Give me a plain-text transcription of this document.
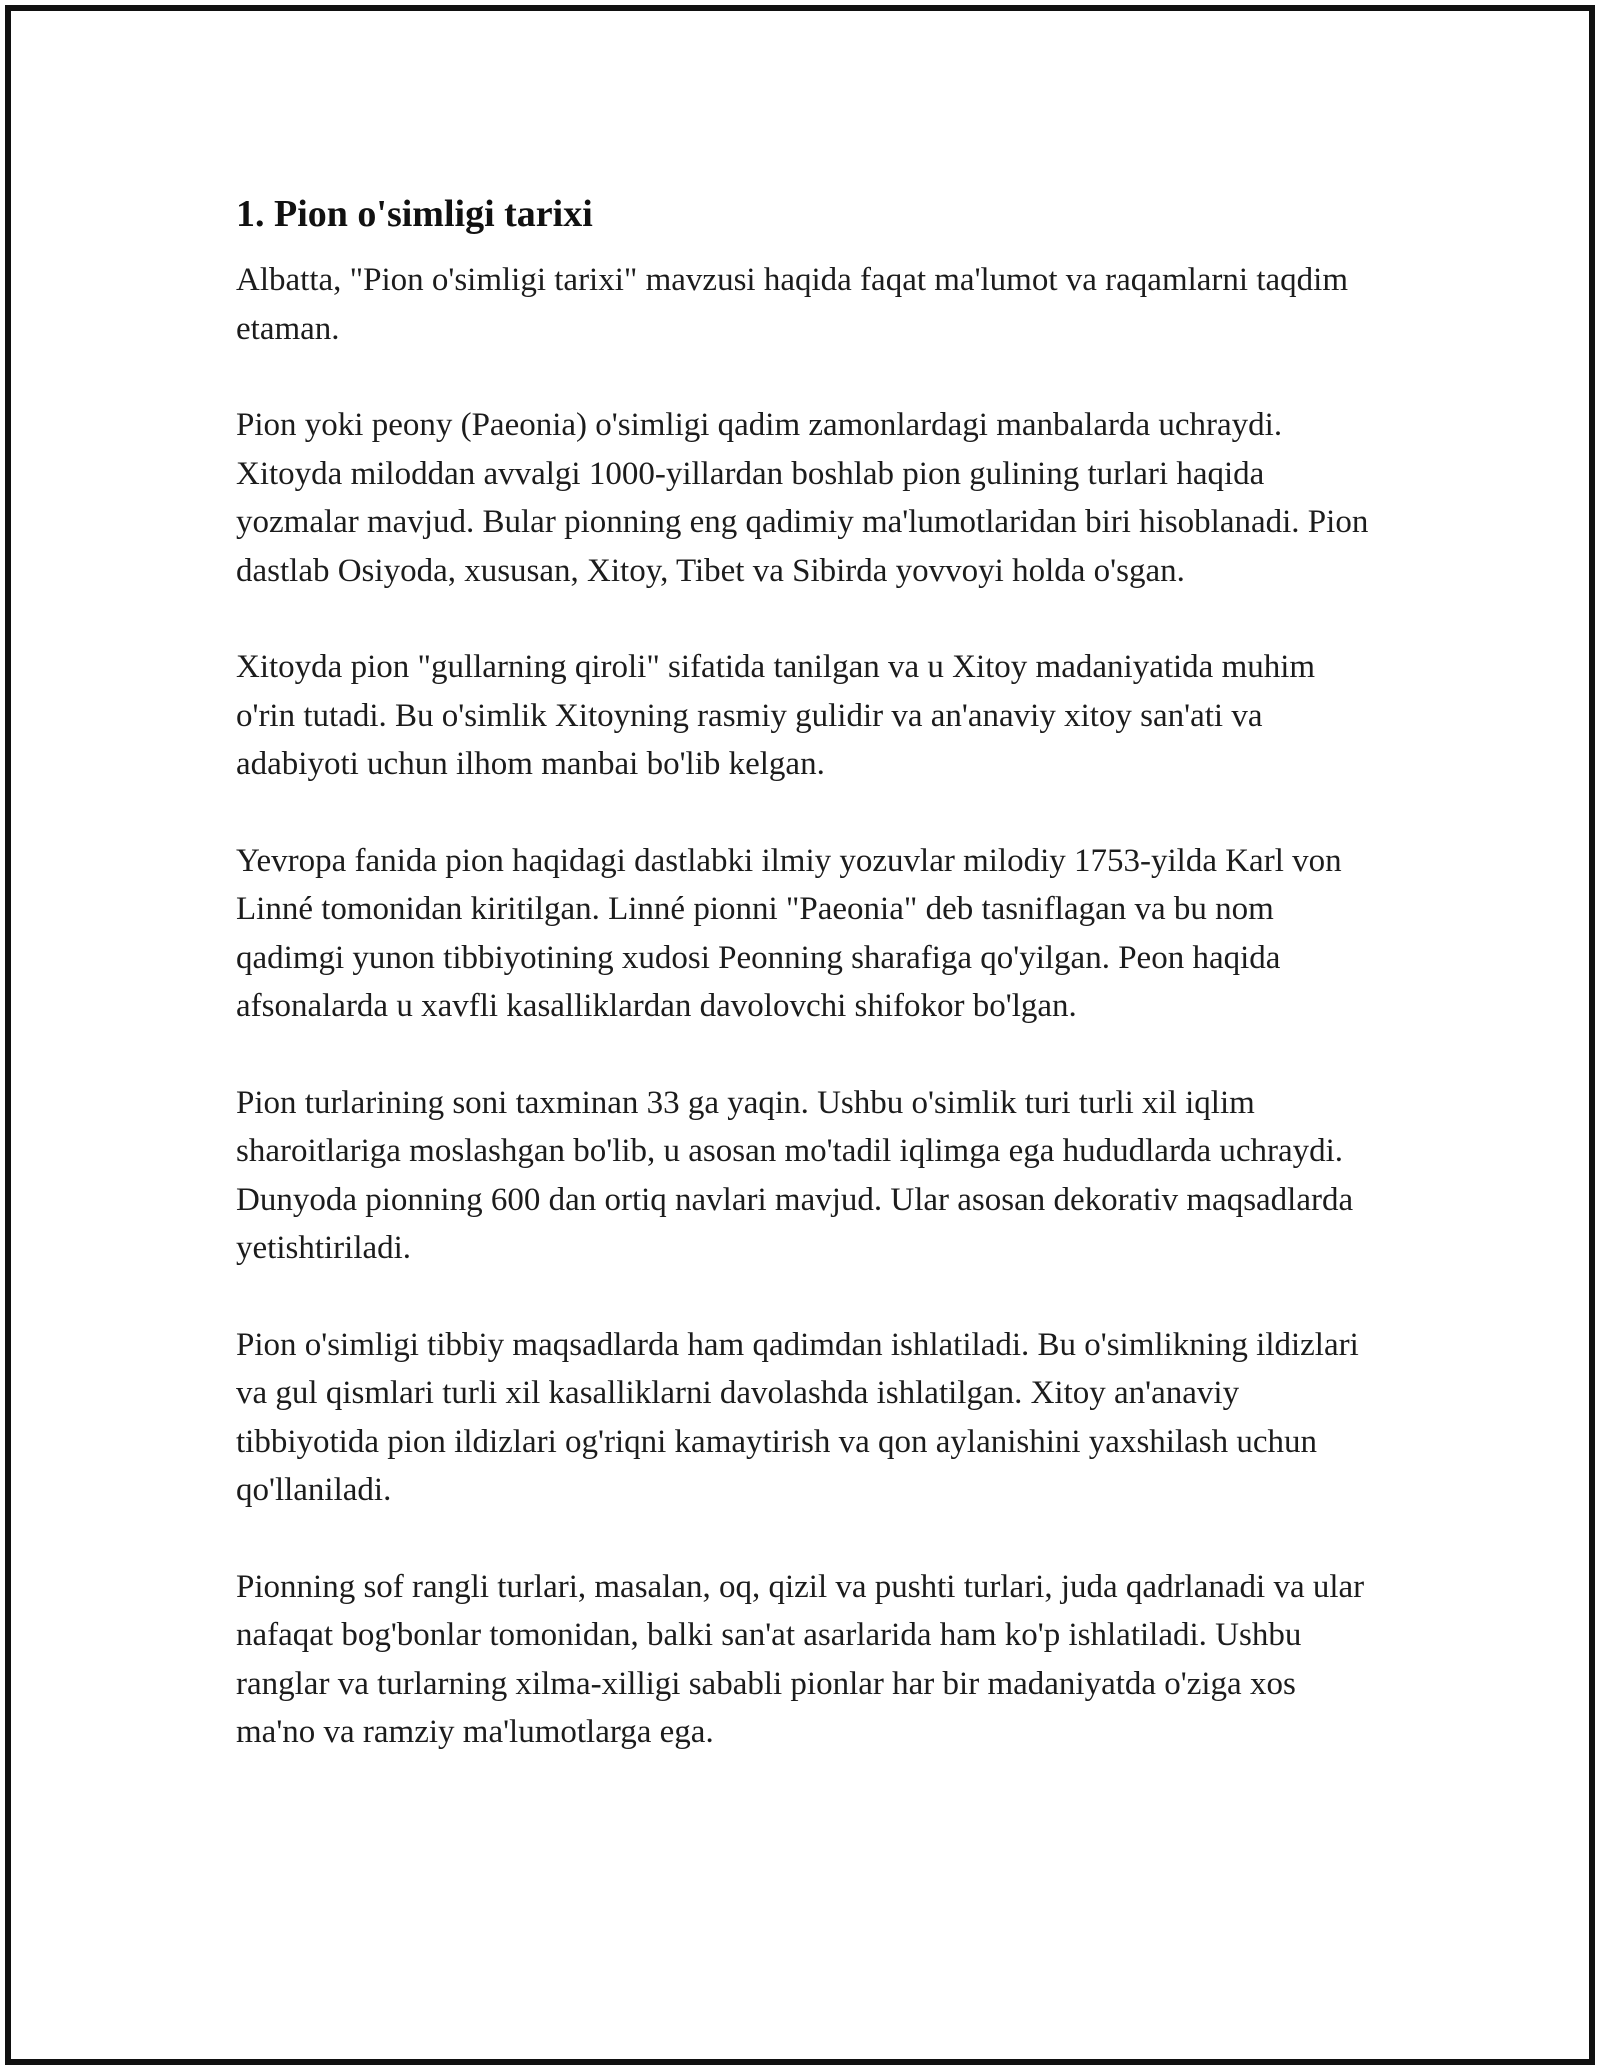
1. Pion o'simligi tarixi

Albatta, "Pion o'simligi tarixi" mavzusi haqida faqat ma'lumot va raqamlarni taqdim etaman.

Pion yoki peony (Paeonia) o'simligi qadim zamonlardagi manbalarda uchraydi. Xitoyda miloddan avvalgi 1000-yillardan boshlab pion gulining turlari haqida yozmalar mavjud. Bular pionning eng qadimiy ma'lumotlaridan biri hisoblanadi. Pion dastlab Osiyoda, xususan, Xitoy, Tibet va Sibirda yovvoyi holda o'sgan.

Xitoyda pion "gullarning qiroli" sifatida tanilgan va u Xitoy madaniyatida muhim o'rin tutadi. Bu o'simlik Xitoyning rasmiy gulidir va an'anaviy xitoy san'ati va adabiyoti uchun ilhom manbai bo'lib kelgan.

Yevropa fanida pion haqidagi dastlabki ilmiy yozuvlar milodiy 1753-yilda Karl von Linné tomonidan kiritilgan. Linné pionni "Paeonia" deb tasniflagan va bu nom qadimgi yunon tibbiyotining xudosi Peonning sharafiga qo'yilgan. Peon haqida afsonalarda u xavfli kasalliklardan davolovchi shifokor bo'lgan.

Pion turlarining soni taxminan 33 ga yaqin. Ushbu o'simlik turi turli xil iqlim sharoitlariga moslashgan bo'lib, u asosan mo'tadil iqlimga ega hududlarda uchraydi. Dunyoda pionning 600 dan ortiq navlari mavjud. Ular asosan dekorativ maqsadlarda yetishtiriladi.

Pion o'simligi tibbiy maqsadlarda ham qadimdan ishlatiladi. Bu o'simlikning ildizlari va gul qismlari turli xil kasalliklarni davolashda ishlatilgan. Xitoy an'anaviy tibbiyotida pion ildizlari og'riqni kamaytirish va qon aylanishini yaxshilash uchun qo'llaniladi.

Pionning sof rangli turlari, masalan, oq, qizil va pushti turlari, juda qadrlanadi va ular nafaqat bog'bonlar tomonidan, balki san'at asarlarida ham ko'p ishlatiladi. Ushbu ranglar va turlarning xilma-xilligi sababli pionlar har bir madaniyatda o'ziga xos ma'no va ramziy ma'lumotlarga ega.
